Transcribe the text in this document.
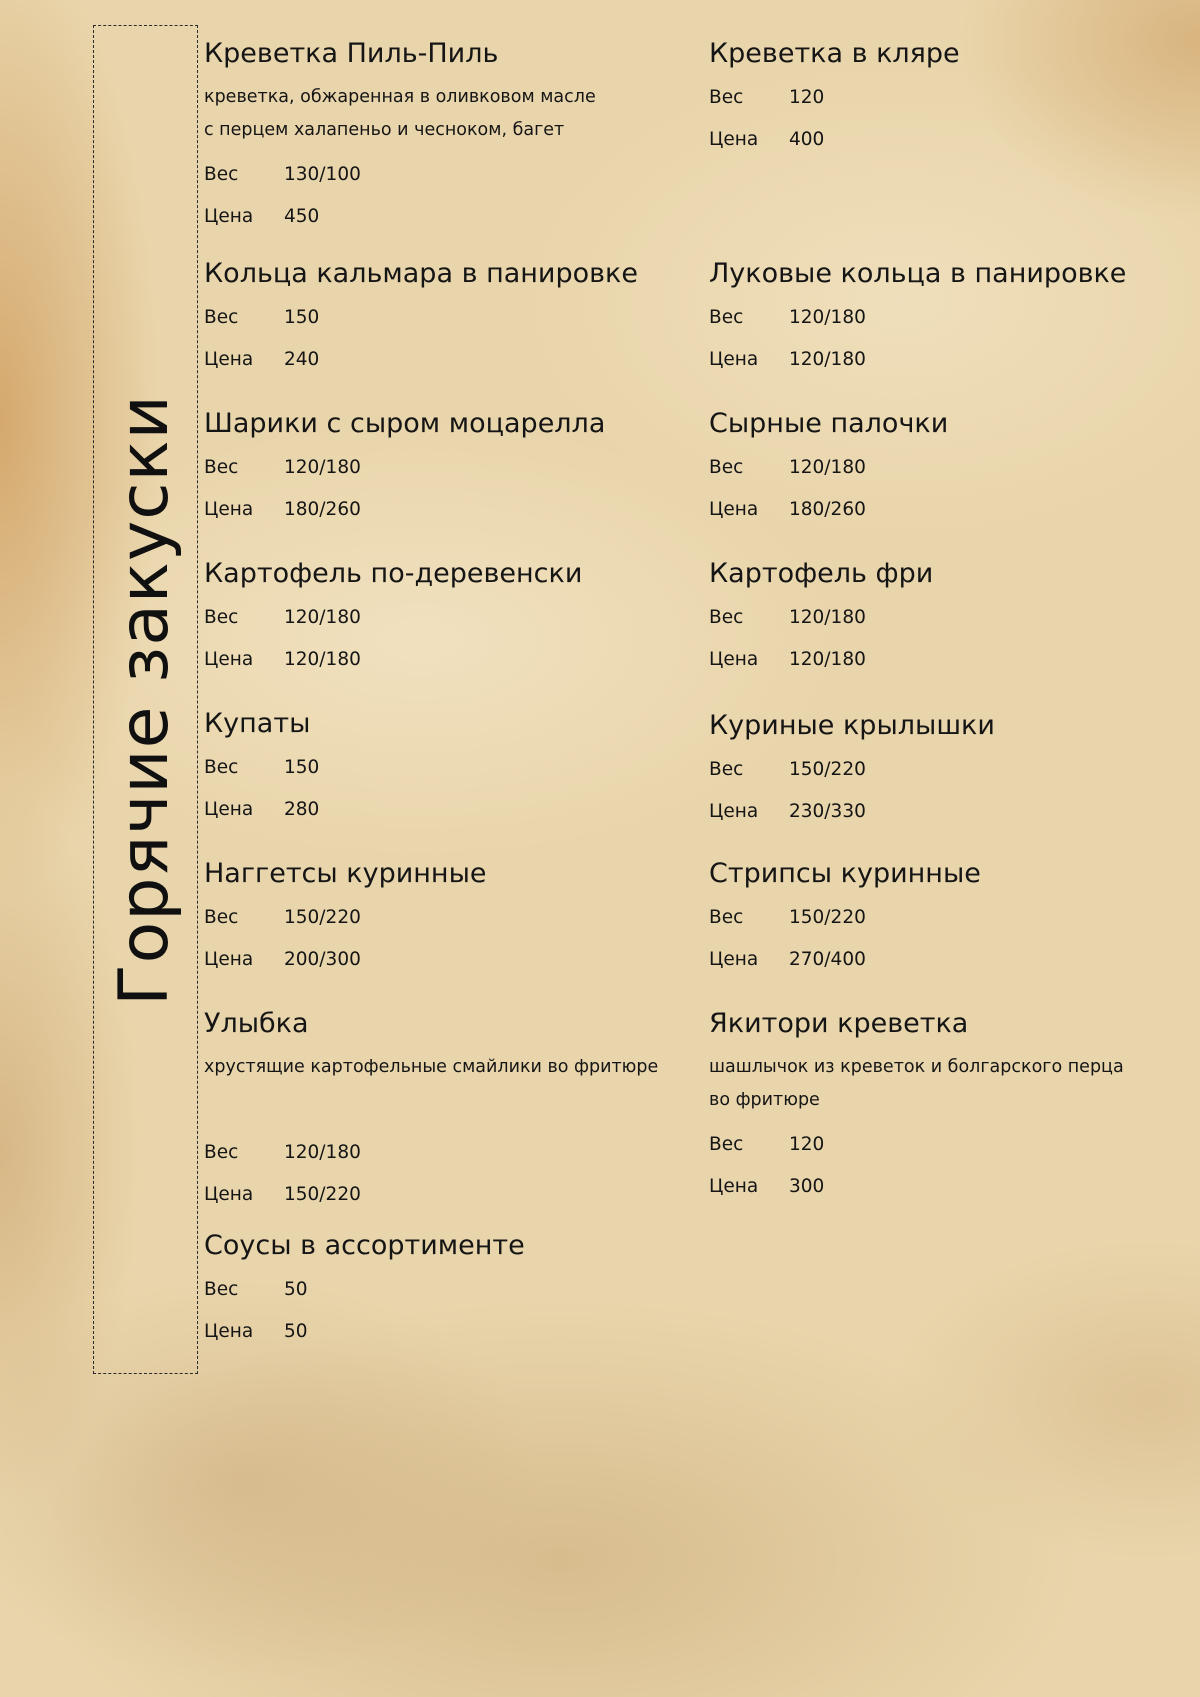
Горячие закуски
Креветка Пиль-Пиль
креветка, обжаренная в оливковом масле
с перцем халапеньо и чесноком, багет
Вес	130/100
Цена	450
Кольца кальмара в панировке
Вес	150
Цена	240
Шарики с сыром моцарелла
Вес	120/180
Цена	180/260
Картофель по-деревенски
Вес	120/180
Цена	120/180
Купаты
Вес	150
Цена	280
Наггетсы куринные
Вес	150/220
Цена	200/300
Улыбка
хрустящие картофельные смайлики во фритюре
Вес	120/180
Цена	150/220
Соусы в ассортименте
Вес	50
Цена	50
Креветка в кляре
Вес	120
Цена	400
Луковые кольца в панировке
Вес	120/180
Цена	120/180
Сырные палочки
Вес	120/180
Цена	180/260
Картофель фри
Вес	120/180
Цена	120/180
Куриные крылышки
Вес	150/220
Цена	230/330
Стрипсы куринные
Вес	150/220
Цена	270/400
Якитори креветка
шашлычок из креветок и болгарского перца
во фритюре
Вес	120
Цена	300
